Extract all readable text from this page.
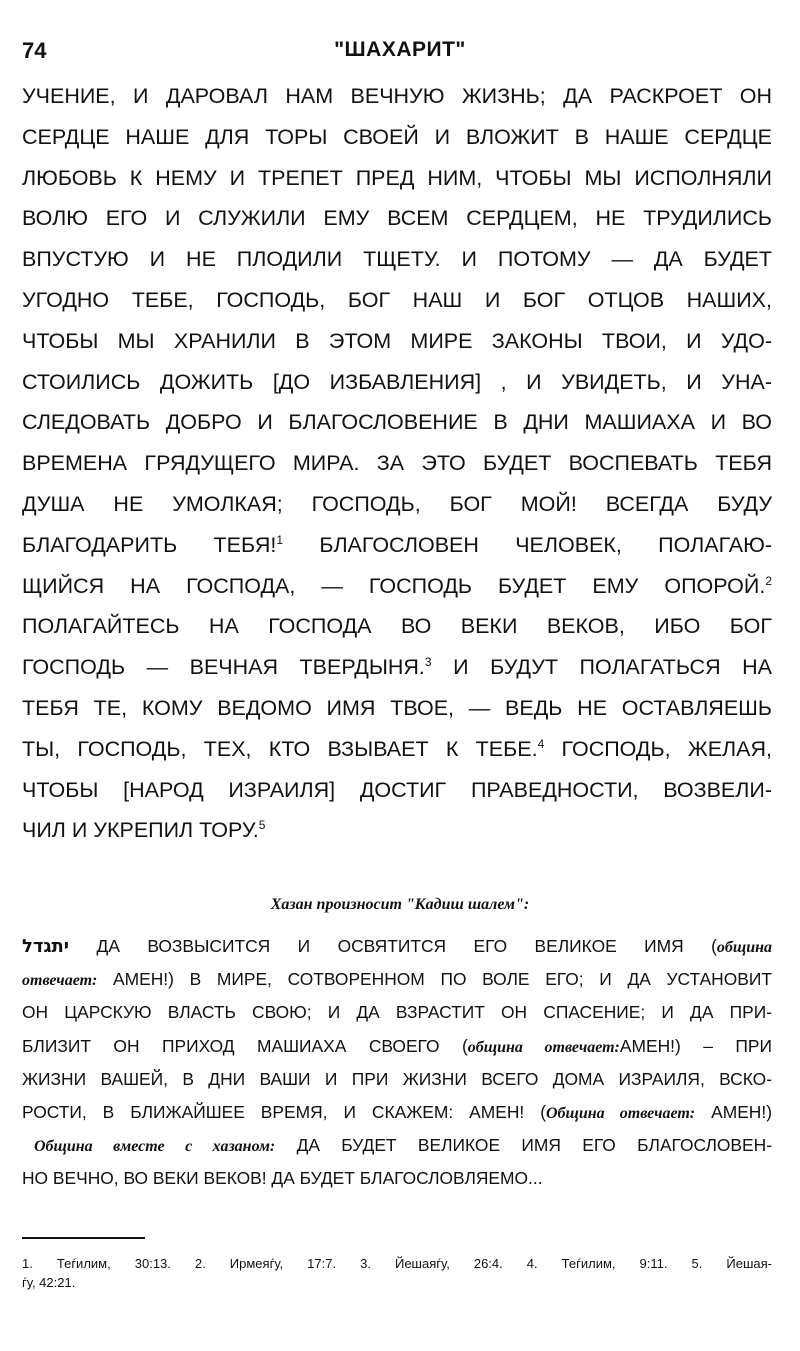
74	"ШАХАРИТ"
УЧЕНИЕ, И ДАРОВАЛ НАМ ВЕЧНУЮ ЖИЗНЬ; ДА РАСКРОЕТ ОН
СЕРДЦЕ НАШЕ ДЛЯ ТОРЫ СВОЕЙ И ВЛОЖИТ В НАШЕ СЕРДЦЕ
ЛЮБОВЬ К НЕМУ И ТРЕПЕТ ПРЕД НИМ, ЧТОБЫ МЫ ИСПОЛНЯЛИ
ВОЛЮ ЕГО И СЛУЖИЛИ ЕМУ ВСЕМ СЕРДЦЕМ, НЕ ТРУДИЛИСЬ
ВПУСТУЮ И НЕ ПЛОДИЛИ ТЩЕТУ. И ПОТОМУ — ДА БУДЕТ
УГОДНО ТЕБЕ, ГОСПОДЬ, БОГ НАШ И БОГ ОТЦОВ НАШИХ,
ЧТОБЫ МЫ ХРАНИЛИ В ЭТОМ МИРЕ ЗАКОНЫ ТВОИ, И УДО-
СТОИЛИСЬ ДОЖИТЬ [ДО ИЗБАВЛЕНИЯ] , И УВИДЕТЬ, И УНА-
СЛЕДОВАТЬ ДОБРО И БЛАГОСЛОВЕНИЕ В ДНИ МАШИАХА И ВО
ВРЕМЕНА ГРЯДУЩЕГО МИРА. ЗА ЭТО БУДЕТ ВОСПЕВАТЬ ТЕБЯ
ДУША НЕ УМОЛКАЯ; ГОСПОДЬ, БОГ МОЙ! ВСЕГДА БУДУ
БЛАГОДАРИТЬ ТЕБЯ!$^1$ БЛАГОСЛОВЕН ЧЕЛОВЕК, ПОЛАГАЮ-
ЩИЙСЯ НА ГОСПОДА, — ГОСПОДЬ БУДЕТ ЕМУ ОПОРОЙ.$^2$
ПОЛАГАЙТЕСЬ НА ГОСПОДА ВО ВЕКИ ВЕКОВ, ИБО БОГ
ГОСПОДЬ — ВЕЧНАЯ ТВЕРДЫНЯ.$^3$ И БУДУТ ПОЛАГАТЬСЯ НА
ТЕБЯ ТЕ, КОМУ ВЕДОМО ИМЯ ТВОЕ, — ВЕДЬ НЕ ОСТАВЛЯЕШЬ
ТЫ, ГОСПОДЬ, ТЕХ, КТО ВЗЫВАЕТ К ТЕБЕ.$^4$ ГОСПОДЬ, ЖЕЛАЯ,
ЧТОБЫ [НАРОД ИЗРАИЛЯ] ДОСТИГ ПРАВЕДНОСТИ, ВОЗВЕЛИ-
ЧИЛ И УКРЕПИЛ ТОРУ.$^5$
Хазан произносит "Кадиш шалем":
יתגדל ДА ВОЗВЫСИТСЯ И ОСВЯТИТСЯ ЕГО ВЕЛИКОЕ ИМЯ (община
отвечает: АМЕН!) В МИРЕ, СОТВОРЕННОМ ПО ВОЛЕ ЕГО; И ДА УСТАНОВИТ
ОН ЦАРСКУЮ ВЛАСТЬ СВОЮ; И ДА ВЗРАСТИТ ОН СПАСЕНИЕ; И ДА ПРИ-
БЛИЗИТ ОН ПРИХОД МАШИАХА СВОЕГО (община отвечает:АМЕН!) – ПРИ
ЖИЗНИ ВАШЕЙ, В ДНИ ВАШИ И ПРИ ЖИЗНИ ВСЕГО ДОМА ИЗРАИЛЯ, ВСКО-
РОСТИ, В БЛИЖАЙШЕЕ ВРЕМЯ, И СКАЖЕМ: АМЕН! (Община отвечает: АМЕН!)
Община вместе с хазаном: ДА БУДЕТ ВЕЛИКОЕ ИМЯ ЕГО БЛАГОСЛОВЕН-
НО ВЕЧНО, ВО ВЕКИ ВЕКОВ! ДА БУДЕТ БЛАГОСЛОВЛЯЕМО...
1. Теѓилим, 30:13. 2. Ирмеяѓу, 17:7. 3. Йешаяѓу, 26:4. 4. Теѓилим, 9:11. 5. Йешая-
ѓу, 42:21.
